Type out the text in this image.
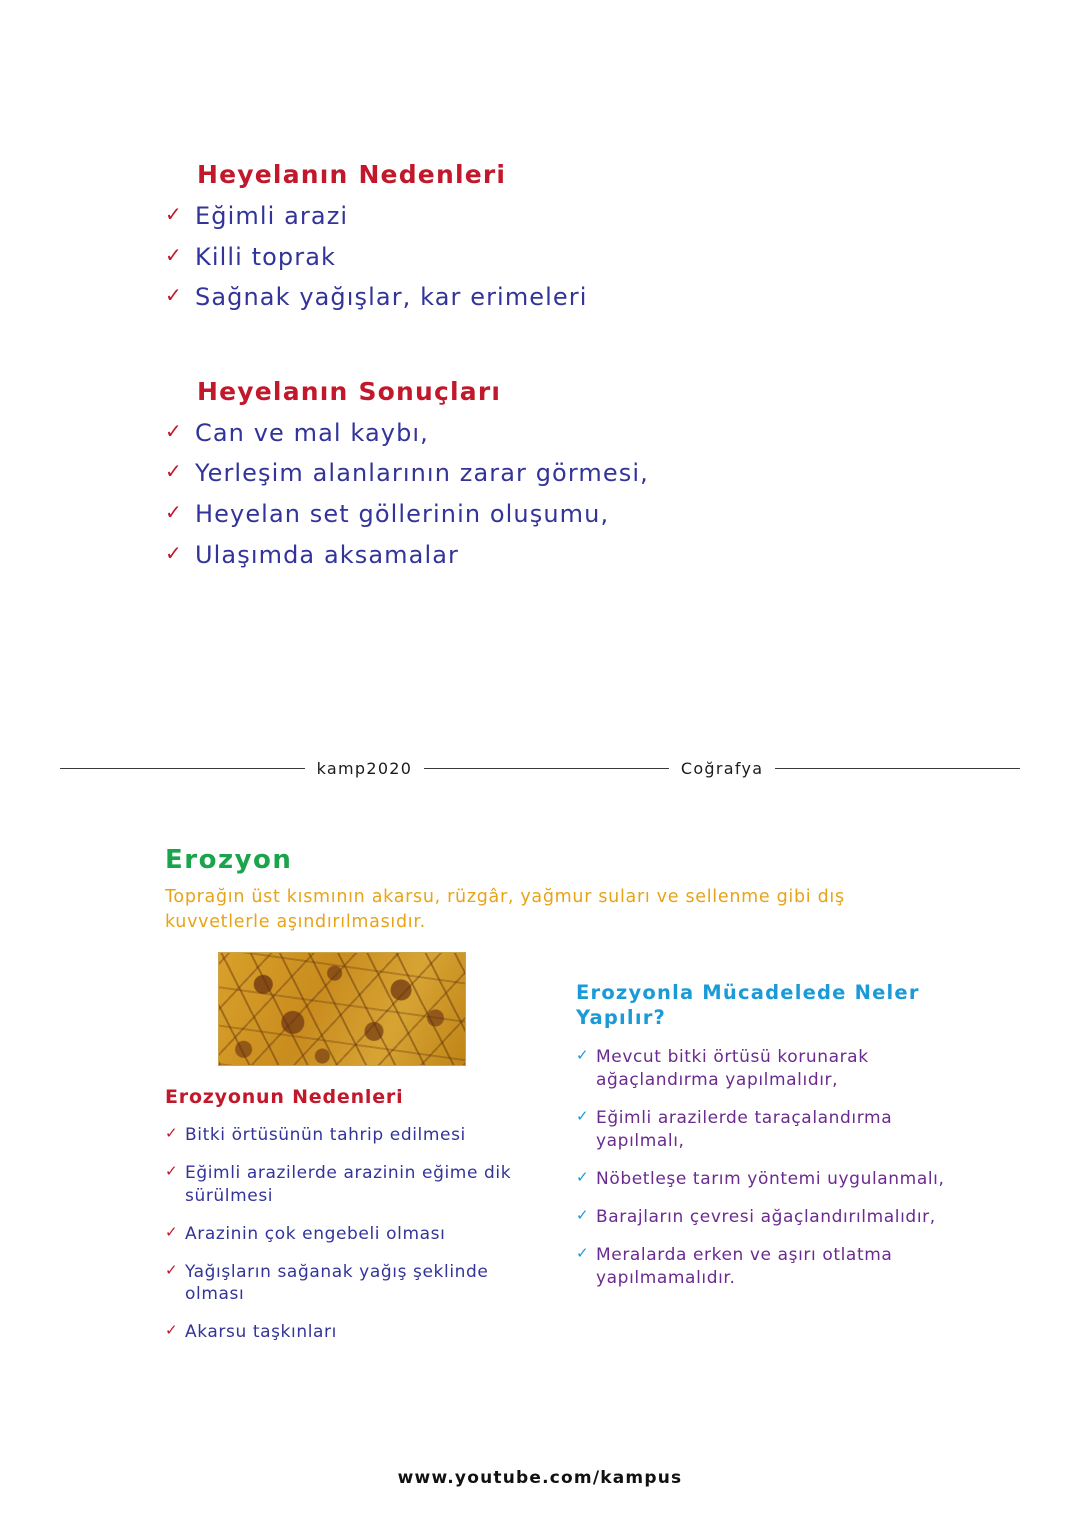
Heyelanın Nedenleri
✓ Eğimli arazi
✓ Killi toprak
✓ Sağnak yağışlar, kar erimeleri
Heyelanın Sonuçları
✓ Can ve mal kaybı,
✓ Yerleşim alanlarının zarar görmesi,
✓ Heyelan set göllerinin oluşumu,
✓ Ulaşımda aksamalar
kamp2020	Coğrafya
Erozyon
Toprağın üst kısmının akarsu, rüzgâr, yağmur suları ve sellenme gibi dış kuvvetlerle aşındırılmasıdır.
Erozyonun Nedenleri
✓ Bitki örtüsünün tahrip edilmesi
✓ Eğimli arazilerde arazinin eğime dik sürülmesi
✓ Arazinin çok engebeli olması
✓ Yağışların sağanak yağış şeklinde olması
✓ Akarsu taşkınları
Erozyonla Mücadelede Neler Yapılır?
✓ Mevcut bitki örtüsü korunarak ağaçlandırma yapılmalıdır,
✓ Eğimli arazilerde taraçalandırma yapılmalı,
✓ Nöbetleşe tarım yöntemi uygulanmalı,
✓ Barajların çevresi ağaçlandırılmalıdır,
✓ Meralarda erken ve aşırı otlatma yapılmamalıdır.
www.youtube.com/kampus
